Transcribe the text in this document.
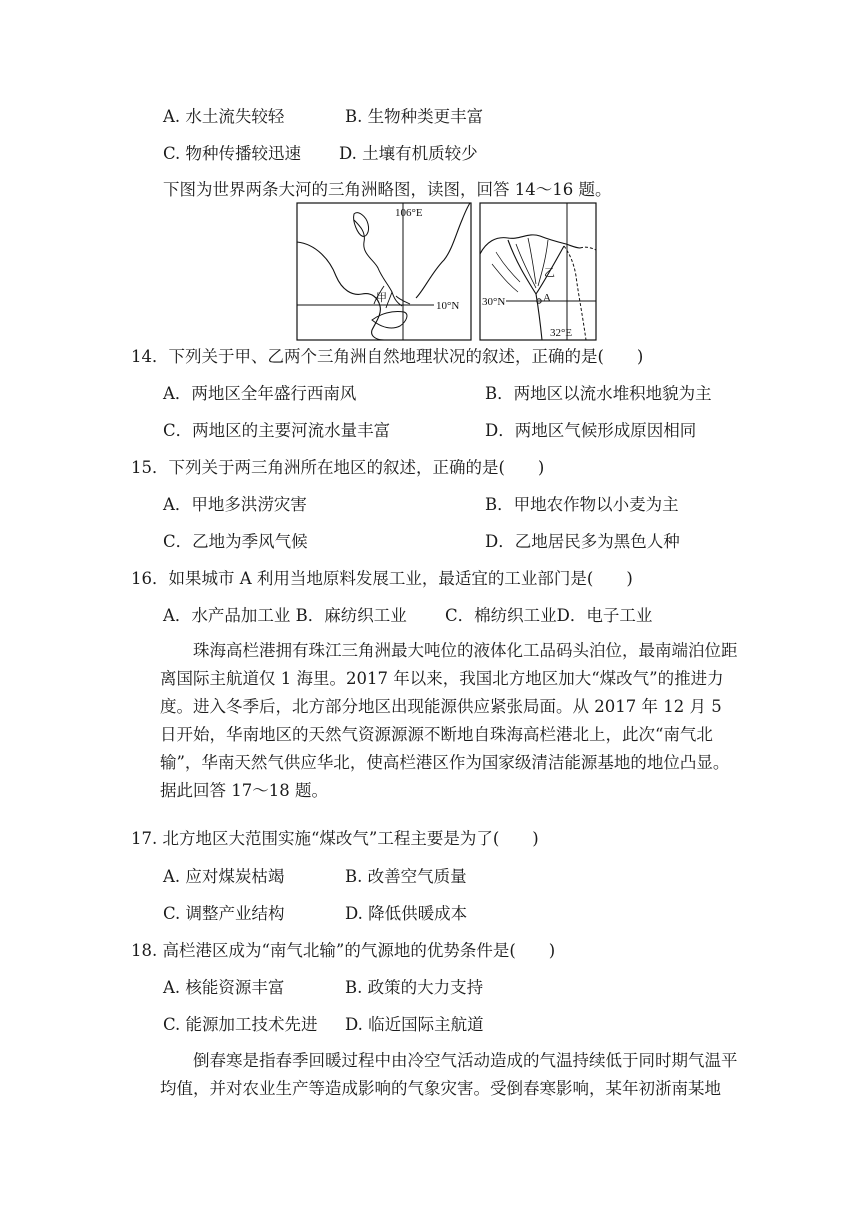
A. 水土流失较轻	B. 生物种类更丰富
C. 物种传播较迅速 D. 土壤有机质较少
下图为世界两条大河的三角洲略图，读图，回答 14～16 题。
106°E
10°N
甲	30°N	A
32°E
乙
14．下列关于甲、乙两个三角洲自然地理状况的叙述，正确的是(　　)
A．两地区全年盛行西南风	B．两地区以流水堆积地貌为主
C．两地区的主要河流水量丰富	D．两地区气候形成原因相同
15．下列关于两三角洲所在地区的叙述，正确的是(　　)
A．甲地多洪涝灾害	B．甲地农作物以小麦为主
C．乙地为季风气候	D．乙地居民多为黑色人种
16．如果城市 A 利用当地原料发展工业，最适宜的工业部门是(　　)
A．水产品加工业 B．麻纺织工业　　 C．棉纺织工业D．电子工业
珠海高栏港拥有珠江三角洲最大吨位的液体化工品码头泊位，最南端泊位距离国际主航道仅 1 海里。2017 年以来，我国北方地区加大“煤改气”的推进力度。进入冬季后，北方部分地区出现能源供应紧张局面。从 2017 年 12 月 5 日开始，华南地区的天然气资源源源不断地自珠海高栏港北上，此次“南气北输”，华南天然气供应华北，使高栏港区作为国家级清洁能源基地的地位凸显。据此回答 17～18 题。
17. 北方地区大范围实施“煤改气”工程主要是为了(　　)
A. 应对煤炭枯竭	B. 改善空气质量
C. 调整产业结构	D. 降低供暖成本
18. 高栏港区成为“南气北输”的气源地的优势条件是(　　)
A. 核能资源丰富	B. 政策的大力支持
C. 能源加工技术先进 D. 临近国际主航道
倒春寒是指春季回暖过程中由冷空气活动造成的气温持续低于同时期气温平均值，并对农业生产等造成影响的气象灾害。受倒春寒影响，某年初浙南某地
